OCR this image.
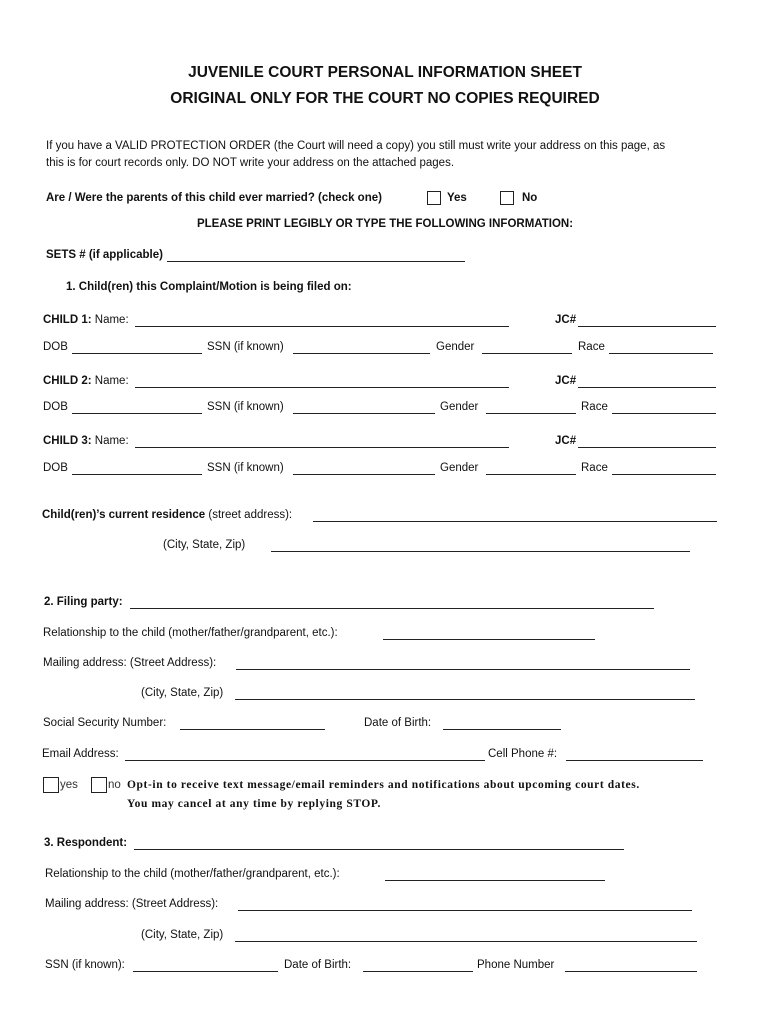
JUVENILE COURT PERSONAL INFORMATION SHEET
ORIGINAL ONLY FOR THE COURT NO COPIES REQUIRED
If you have a VALID PROTECTION ORDER (the Court will need a copy) you still must write your address on this page, as
this is for court records only. DO NOT write your address on the attached pages.
Are / Were the parents of this child ever married? (check one)	Yes	No
PLEASE PRINT LEGIBLY OR TYPE THE FOLLOWING INFORMATION:
SETS # (if applicable)
1. Child(ren) this Complaint/Motion is being filed on:
CHILD 1: Name:	JC#
DOB	SSN (if known)	Gender	Race
CHILD 2: Name:	JC#
DOB	SSN (if known)	Gender	Race
CHILD 3: Name:	JC#
DOB	SSN (if known)	Gender	Race
Child(ren)’s current residence (street address):
(City, State, Zip)
2. Filing party:
Relationship to the child (mother/father/grandparent, etc.):
Mailing address: (Street Address):
(City, State, Zip)
Social Security Number:	Date of Birth:
Email Address:	Cell Phone #:
yes	no Opt-in to receive text message/email reminders and notifications about upcoming court dates.
You may cancel at any time by replying STOP.
3. Respondent:
Relationship to the child (mother/father/grandparent, etc.):
Mailing address: (Street Address):
(City, State, Zip)
SSN (if known):	Date of Birth:	Phone Number
